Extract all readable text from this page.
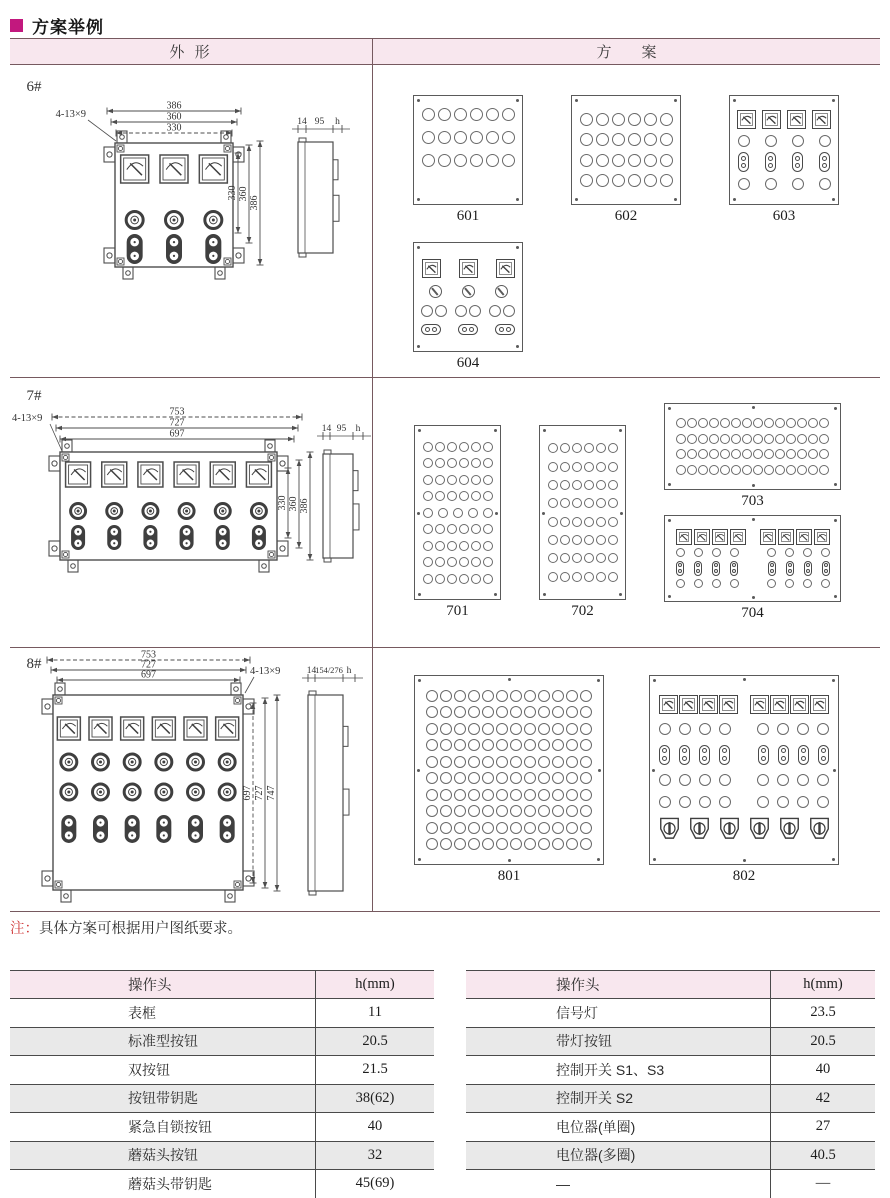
方案举例
外 形	方　　案
6#
386
360
330
330 360
386
4-13×9
14 95 h
601	602	603
604
7#
753
727
697
330 360 386
4-13×9
14 95 h
701	702
703
704
8#
753
727
697
697 727 747
4-13×9	14
154/276 h
801	802
注：具体方案可根据用户图纸要求。
操作头	h(mm)
表框	11
标准型按钮	20.5
双按钮	21.5
按钮带钥匙	38(62)
紧急自锁按钮	40
蘑菇头按钮	32
蘑菇头带钥匙	45(69)
操作头	h(mm)
信号灯	23.5
带灯按钮	20.5
控制开关 S1、S3	40
控制开关 S2	42
电位器(单圈)	27
电位器(多圈)	40.5
—	—
